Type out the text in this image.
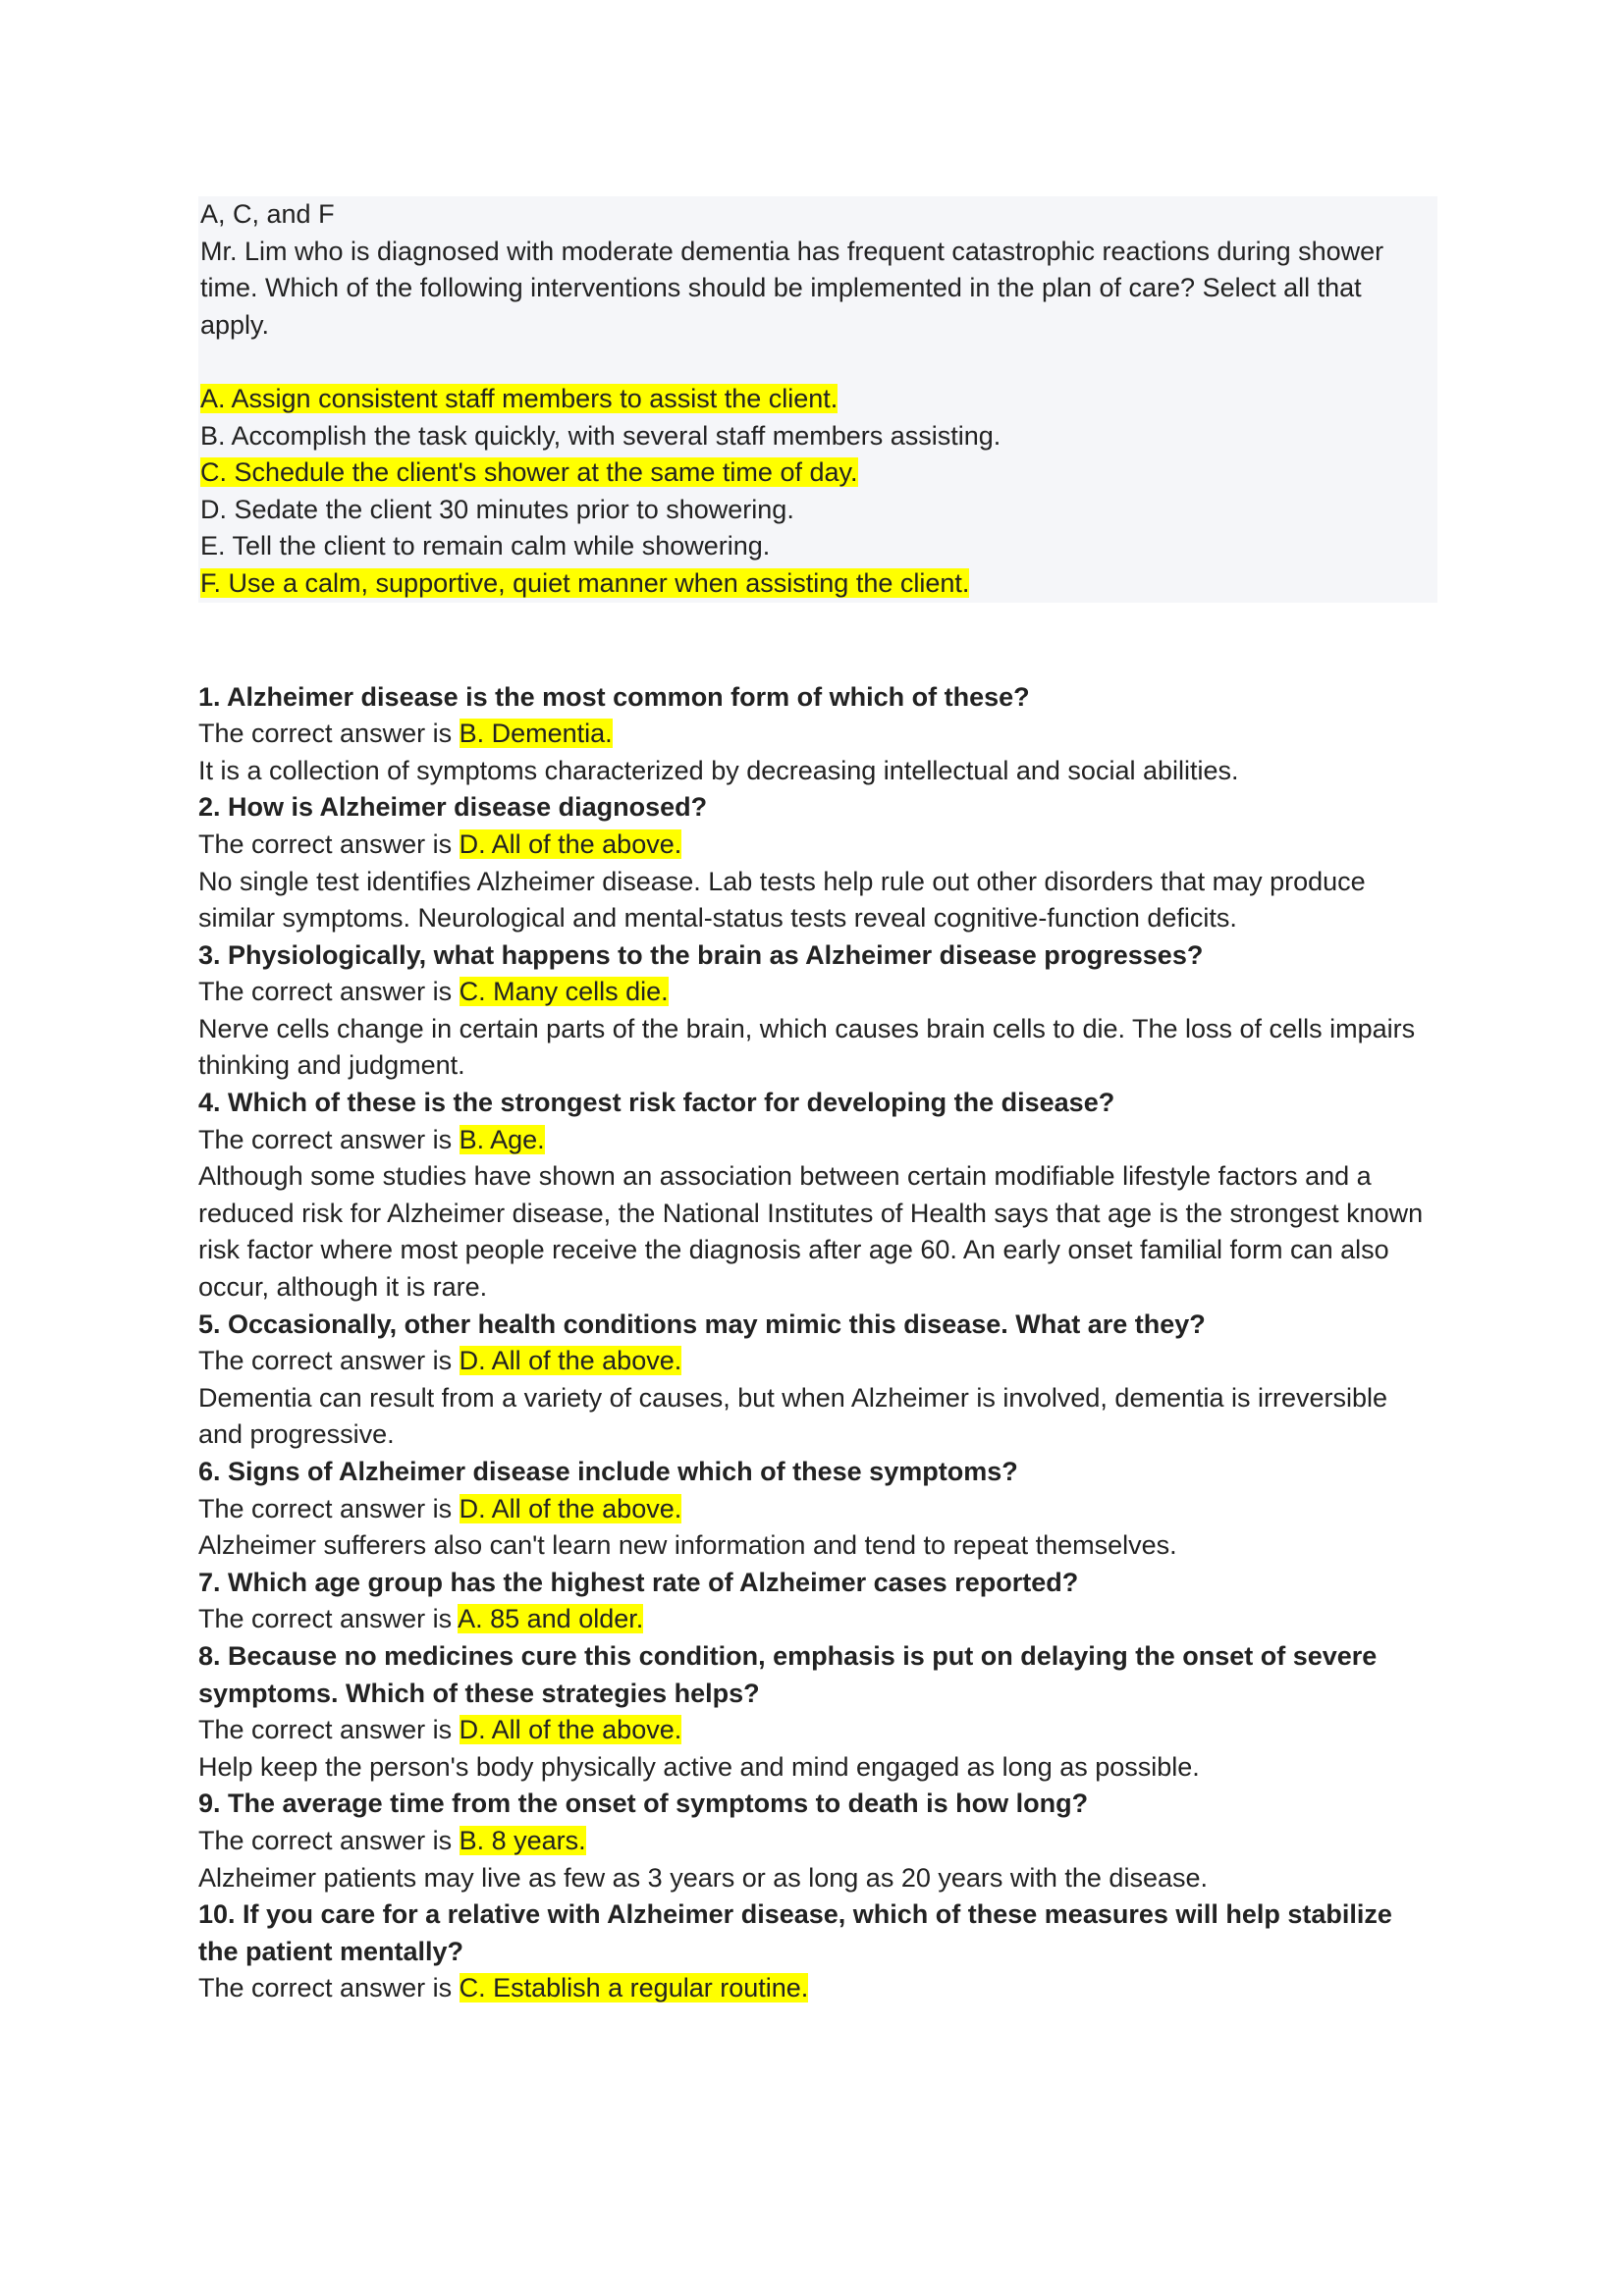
A, C, and F

Mr. Lim who is diagnosed with moderate dementia has frequent catastrophic reactions during shower time. Which of the following interventions should be implemented in the plan of care? Select all that apply.

A. Assign consistent staff members to assist the client.

B. Accomplish the task quickly, with several staff members assisting.

C. Schedule the client's shower at the same time of day.

D. Sedate the client 30 minutes prior to showering.

E. Tell the client to remain calm while showering.

F. Use a calm, supportive, quiet manner when assisting the client.

1. Alzheimer disease is the most common form of which of these?

The correct answer is B. Dementia.

It is a collection of symptoms characterized by decreasing intellectual and social abilities.

2. How is Alzheimer disease diagnosed?

The correct answer is D. All of the above.

No single test identifies Alzheimer disease. Lab tests help rule out other disorders that may produce similar symptoms. Neurological and mental-status tests reveal cognitive-function deficits.

3. Physiologically, what happens to the brain as Alzheimer disease progresses?

The correct answer is C. Many cells die.

Nerve cells change in certain parts of the brain, which causes brain cells to die. The loss of cells impairs thinking and judgment.

4. Which of these is the strongest risk factor for developing the disease?

The correct answer is B. Age.

Although some studies have shown an association between certain modifiable lifestyle factors and a reduced risk for Alzheimer disease, the National Institutes of Health says that age is the strongest known risk factor where most people receive the diagnosis after age 60. An early onset familial form can also occur, although it is rare.

5. Occasionally, other health conditions may mimic this disease. What are they?

The correct answer is D. All of the above.

Dementia can result from a variety of causes, but when Alzheimer is involved, dementia is irreversible and progressive.

6. Signs of Alzheimer disease include which of these symptoms?

The correct answer is D. All of the above.

Alzheimer sufferers also can't learn new information and tend to repeat themselves.

7. Which age group has the highest rate of Alzheimer cases reported?

The correct answer is A. 85 and older.

8. Because no medicines cure this condition, emphasis is put on delaying the onset of severe symptoms. Which of these strategies helps?

The correct answer is D. All of the above.

Help keep the person's body physically active and mind engaged as long as possible.

9. The average time from the onset of symptoms to death is how long?

The correct answer is B. 8 years.

Alzheimer patients may live as few as 3 years or as long as 20 years with the disease.

10. If you care for a relative with Alzheimer disease, which of these measures will help stabilize the patient mentally?

The correct answer is C. Establish a regular routine.
